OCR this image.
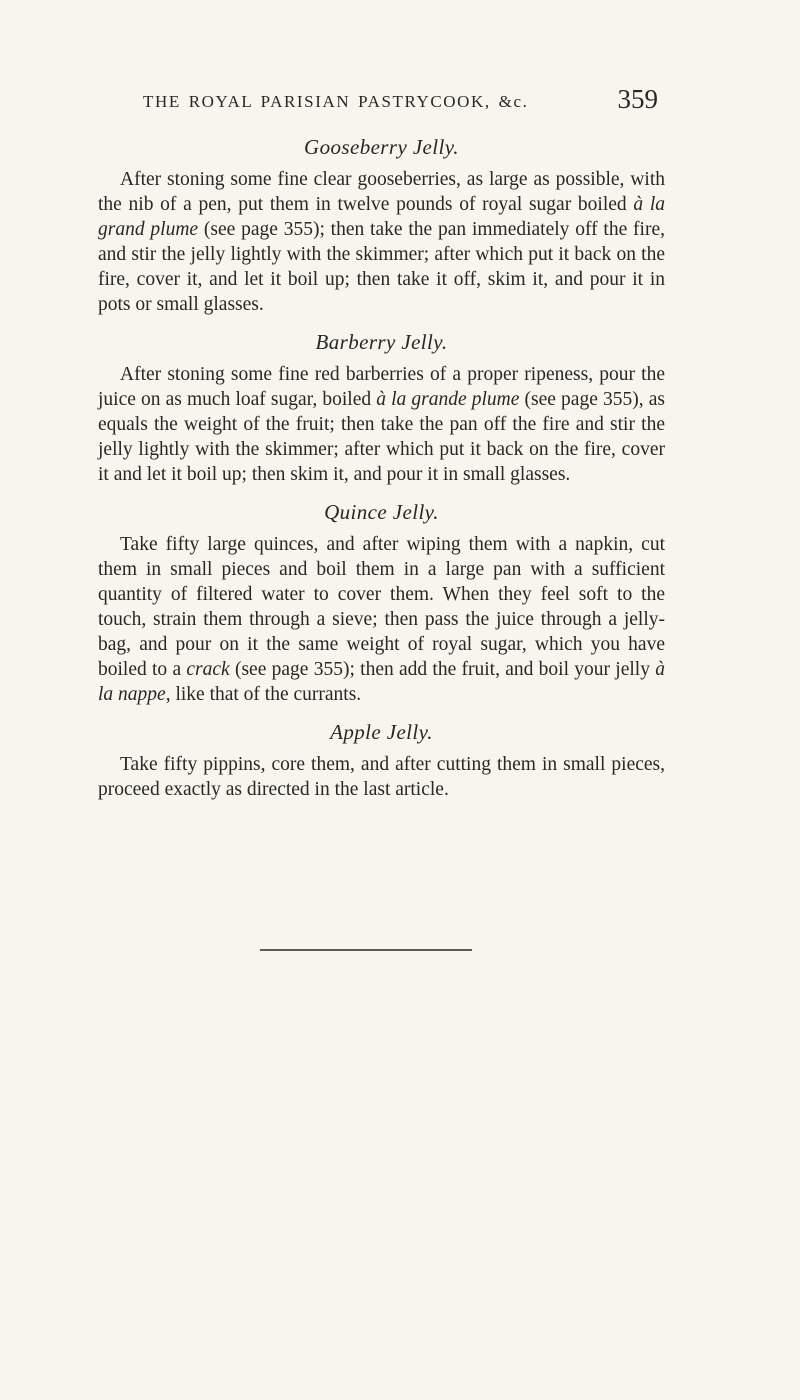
THE ROYAL PARISIAN PASTRYCOOK, &c.	359
Gooseberry Jelly.

After stoning some fine clear gooseberries, as large as possible, with the nib of a pen, put them in twelve pounds of royal sugar boiled à la grand plume (see page 355); then take the pan immediately off the fire, and stir the jelly lightly with the skimmer; after which put it back on the fire, cover it, and let it boil up; then take it off, skim it, and pour it in pots or small glasses.

Barberry Jelly.

After stoning some fine red barberries of a proper ripeness, pour the juice on as much loaf sugar, boiled à la grande plume (see page 355), as equals the weight of the fruit; then take the pan off the fire and stir the jelly lightly with the skimmer; after which put it back on the fire, cover it and let it boil up; then skim it, and pour it in small glasses.

Quince Jelly.

Take fifty large quinces, and after wiping them with a napkin, cut them in small pieces and boil them in a large pan with a sufficient quantity of filtered water to cover them. When they feel soft to the touch, strain them through a sieve; then pass the juice through a jelly-bag, and pour on it the same weight of royal sugar, which you have boiled to a crack (see page 355); then add the fruit, and boil your jelly à la nappe, like that of the currants.

Apple Jelly.

Take fifty pippins, core them, and after cutting them in small pieces, proceed exactly as directed in the last article.
